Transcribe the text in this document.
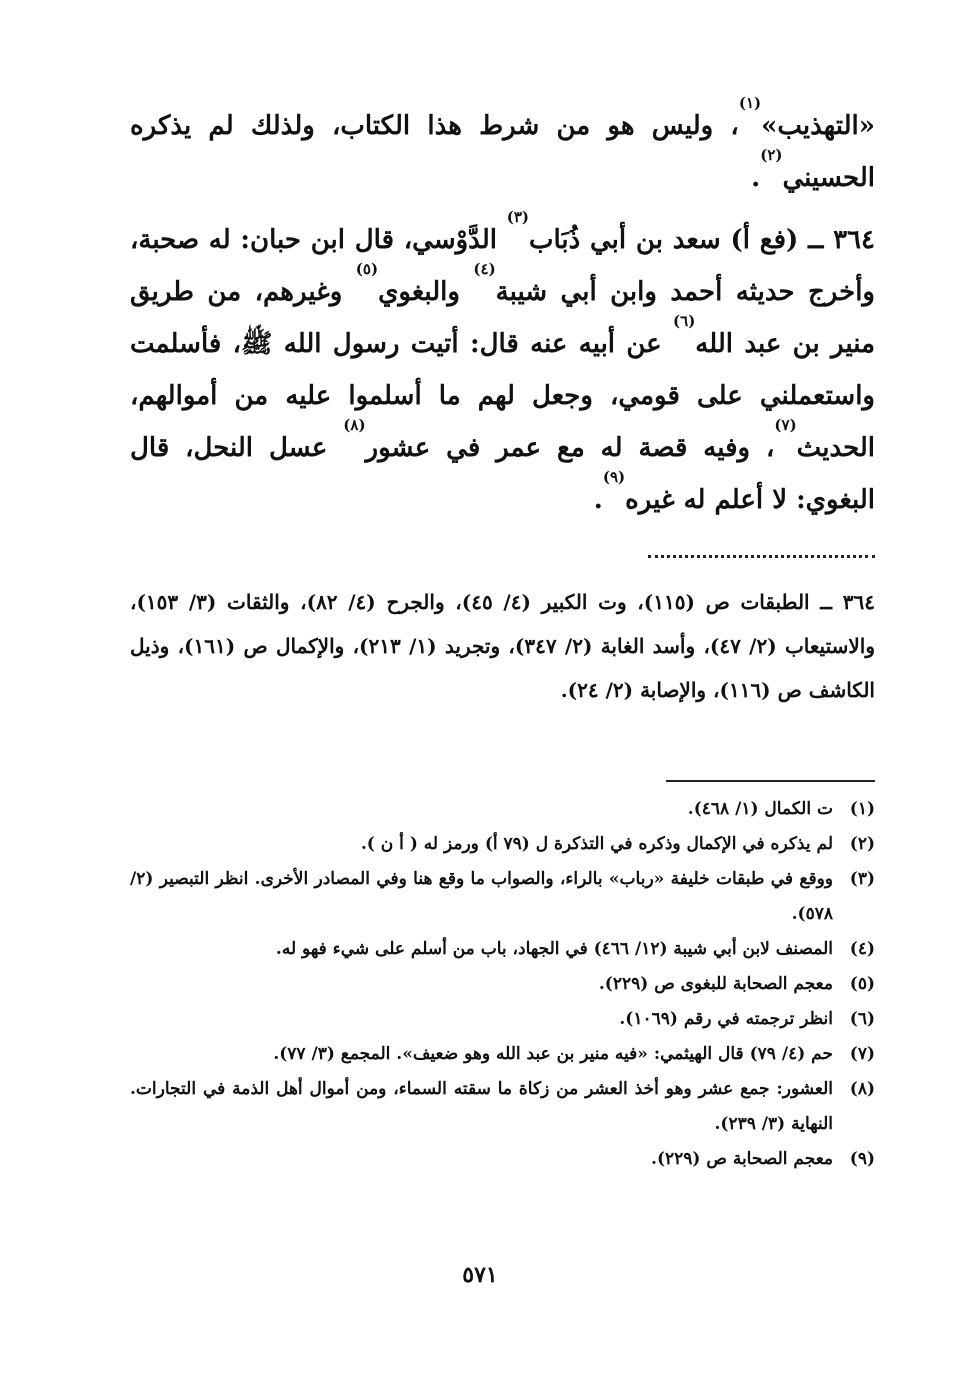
«التهذيب»$^{(١)}$، وليس هو من شرط هذا الكتاب، ولذلك لم يذكره الحسيني$^{(٢)}$.

٣٦٤ ــ (فع أ) سعد بن أبي ذُبَاب$^{(٣)}$ الدَّوْسي، قال ابن حبان: له صحبة، وأخرج حديثه أحمد وابن أبي شيبة$^{(٤)}$ والبغوي$^{(٥)}$ وغيرهم، من طريق منير بن عبد الله$^{(٦)}$ عن أبيه عنه قال: أتيت رسول الله ﷺ، فأسلمت واستعملني على قومي، وجعل لهم ما أسلموا عليه من أموالهم، الحديث$^{(٧)}$، وفيه قصة له مع عمر في عشور$^{(٨)}$ عسل النحل، قال البغوي: لا أعلم له غيره$^{(٩)}$.

٣٦٤ ــ الطبقات ص (١١٥)، وت الكبير (٤/ ٤٥)، والجرح (٤/ ٨٢)، والثقات (٣/ ١٥٣)، والاستيعاب (٢/ ٤٧)، وأسد الغابة (٢/ ٣٤٧)، وتجريد (١/ ٢١٣)، والإكمال ص (١٦١)، وذيل الكاشف ص (١١٦)، والإصابة (٢/ ٢٤).

(١)
ت الكمال (١/ ٤٦٨).
(٢)
لم يذكره في الإكمال وذكره في التذكرة ل (٧٩ أ) ورمز له ( أ ن ).
(٣)
ووقع في طبقات خليفة «رباب» بالراء، والصواب ما وقع هنا وفي المصادر الأخرى. انظر التبصير (٢/ ٥٧٨).
(٤)
المصنف لابن أبي شيبة (١٢/ ٤٦٦) في الجهاد، باب من أسلم على شيء فهو له.
(٥)
معجم الصحابة للبغوى ص (٢٢٩).
(٦)
انظر ترجمته في رقم (١٠٦٩).
(٧)
حم (٤/ ٧٩) قال الهيثمي: «فيه منير بن عبد الله وهو ضعيف». المجمع (٣/ ٧٧).
(٨)
العشور: جمع عشر وهو أخذ العشر من زكاة ما سقته السماء، ومن أموال أهل الذمة في التجارات. النهاية (٣/ ٢٣٩).
(٩)
معجم الصحابة ص (٢٢٩).
٥٧١
